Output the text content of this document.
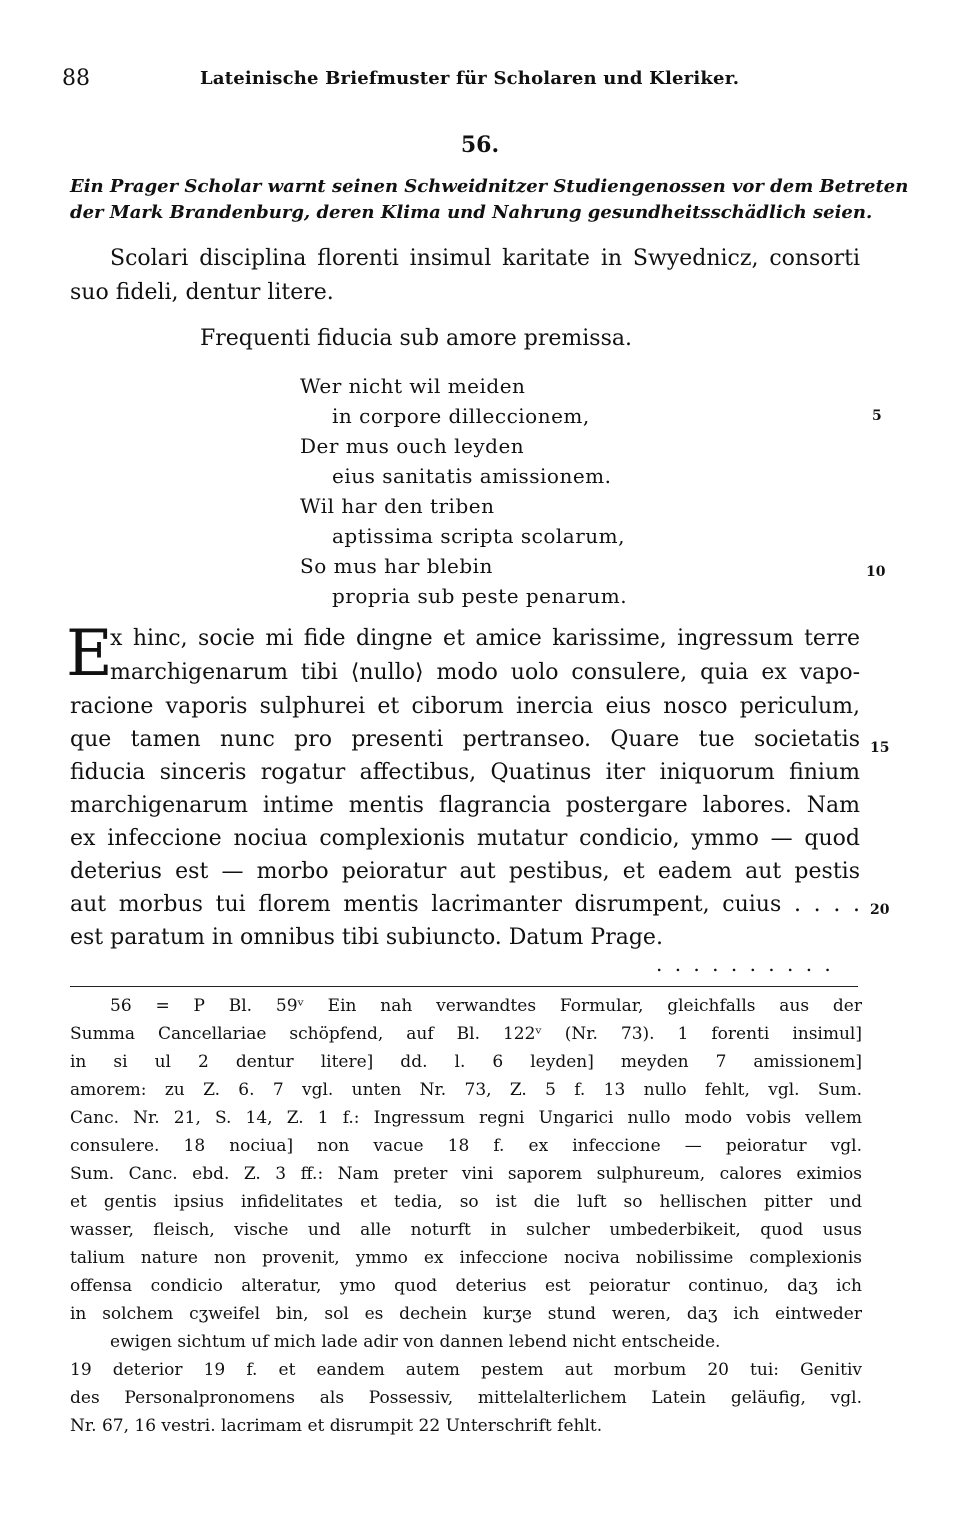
88	Lateinische Briefmuster für Scholaren und Kleriker.
56.
Ein Prager Scholar warnt seinen Schweidnitzer Studiengenossen vor dem Betreten
der Mark Brandenburg, deren Klima und Nahrung gesundheitsschädlich seien.
Scolari disciplina florenti insimul karitate in Swyednicz, consorti
suo fideli, dentur litere.
Frequenti fiducia sub amore premissa.
Wer nicht wil meiden
in corpore dilleccionem,
Der mus ouch leyden
eius sanitatis amissionem.
Wil har den triben
aptissima scripta scolarum,
So mus har blebin
propria sub peste penarum.
5
10
15
20
E
x hinc, socie mi fide dingne et amice karissime, ingressum terre
marchigenarum tibi ⟨nullo⟩ modo uolo consulere, quia ex vapo-
racione vaporis sulphurei et ciborum inercia eius nosco periculum,
que tamen nunc pro presenti pertranseo. Quare tue societatis
fiducia sinceris rogatur affectibus, Quatinus iter iniquorum finium
marchigenarum intime mentis flagrancia postergare labores. Nam
ex infeccione nociua complexionis mutatur condicio, ymmo — quod
deterius est — morbo peioratur aut pestibus, et eadem aut pestis
aut morbus tui florem mentis lacrimanter disrumpent, cuius . . . .
est paratum in omnibus tibi subiuncto. Datum Prage.
. . . . . . . . . .
56 = P Bl. 59ᵛ Ein nah verwandtes Formular, gleichfalls aus der
Summa Cancellariae schöpfend, auf Bl. 122ᵛ (Nr. 73). 1 forenti insimul]
in si ul 2 dentur litere] dd. l. 6 leyden] meyden 7 amissionem]
amorem: zu Z. 6. 7 vgl. unten Nr. 73, Z. 5 f. 13 nullo fehlt, vgl. Sum.
Canc. Nr. 21, S. 14, Z. 1 f.: Ingressum regni Ungarici nullo modo vobis vellem
consulere. 18 nociua] non vacue 18 f. ex infeccione — peioratur vgl.
Sum. Canc. ebd. Z. 3 ff.: Nam preter vini saporem sulphureum, calores eximios
et gentis ipsius infidelitates et tedia, so ist die luft so hellischen pitter und
wasser, fleisch, vische und alle noturft in sulcher umbederbikeit, quod usus
talium nature non provenit, ymmo ex infeccione nociva nobilissime complexionis
offensa condicio alteratur, ymo quod deterius est peioratur continuo, daʒ ich
in solchem cʒweifel bin, sol es dechein kurʒe stund weren, daʒ ich eintweder
ewigen sichtum uf mich lade adir von dannen lebend nicht entscheide.
19 deterior 19 f. et eandem autem pestem aut morbum 20 tui: Genitiv
des Personalpronomens als Possessiv, mittelalterlichem Latein geläufig, vgl.
Nr. 67, 16 vestri. lacrimam et disrumpit 22 Unterschrift fehlt.
